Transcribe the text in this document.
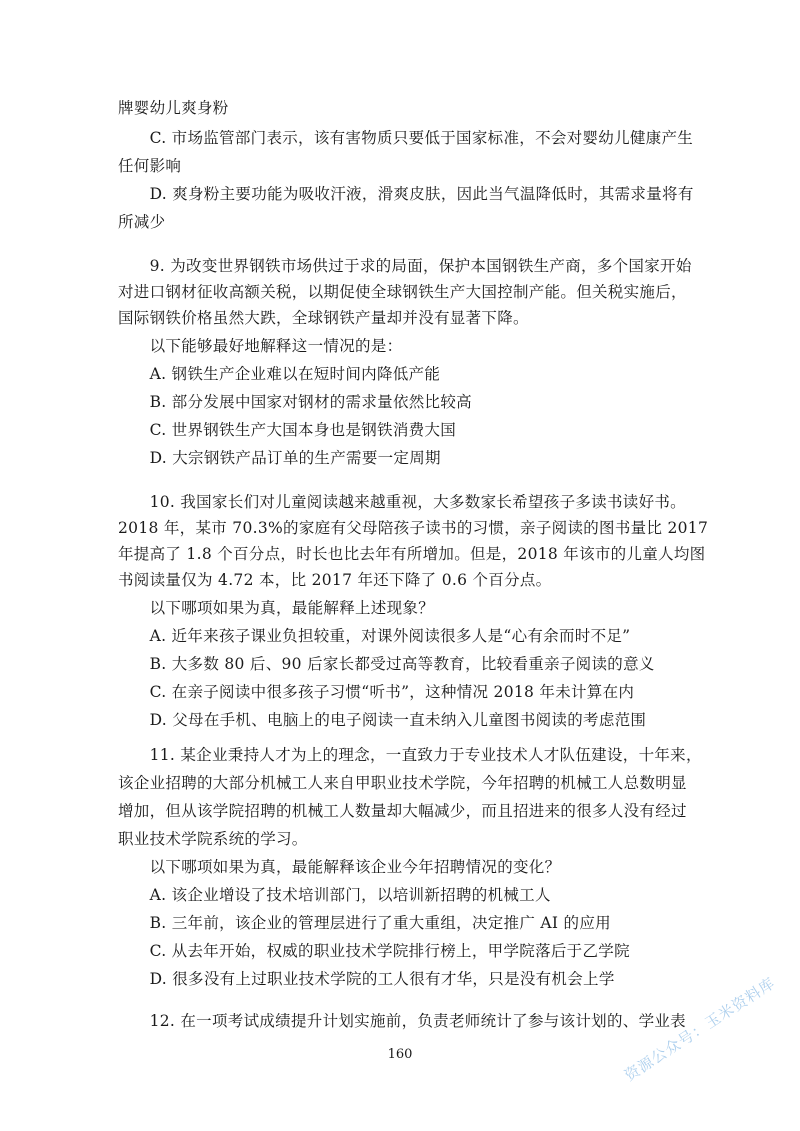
牌婴幼儿爽身粉
　　C. 市场监管部门表示，该有害物质只要低于国家标准，不会对婴幼儿健康产生
任何影响
　　D. 爽身粉主要功能为吸收汗液，滑爽皮肤，因此当气温降低时，其需求量将有
所减少
　　9. 为改变世界钢铁市场供过于求的局面，保护本国钢铁生产商，多个国家开始
对进口钢材征收高额关税，以期促使全球钢铁生产大国控制产能。但关税实施后，
国际钢铁价格虽然大跌，全球钢铁产量却并没有显著下降。
　　以下能够最好地解释这一情况的是：
　　A. 钢铁生产企业难以在短时间内降低产能
　　B. 部分发展中国家对钢材的需求量依然比较高
　　C. 世界钢铁生产大国本身也是钢铁消费大国
　　D. 大宗钢铁产品订单的生产需要一定周期
　　10. 我国家长们对儿童阅读越来越重视，大多数家长希望孩子多读书读好书。
2018 年，某市 70.3%的家庭有父母陪孩子读书的习惯，亲子阅读的图书量比 2017
年提高了 1.8 个百分点，时长也比去年有所增加。但是，2018 年该市的儿童人均图
书阅读量仅为 4.72 本，比 2017 年还下降了 0.6 个百分点。
　　以下哪项如果为真，最能解释上述现象？
　　A. 近年来孩子课业负担较重，对课外阅读很多人是“心有余而时不足”
　　B. 大多数 80 后、90 后家长都受过高等教育，比较看重亲子阅读的意义
　　C. 在亲子阅读中很多孩子习惯“听书”，这种情况 2018 年未计算在内
　　D. 父母在手机、电脑上的电子阅读一直未纳入儿童图书阅读的考虑范围
　　11. 某企业秉持人才为上的理念，一直致力于专业技术人才队伍建设，十年来，
该企业招聘的大部分机械工人来自甲职业技术学院，今年招聘的机械工人总数明显
增加，但从该学院招聘的机械工人数量却大幅减少，而且招进来的很多人没有经过
职业技术学院系统的学习。
　　以下哪项如果为真，最能解释该企业今年招聘情况的变化？
　　A. 该企业增设了技术培训部门，以培训新招聘的机械工人
　　B. 三年前，该企业的管理层进行了重大重组，决定推广 AI 的应用
　　C. 从去年开始，权威的职业技术学院排行榜上，甲学院落后于乙学院
　　D. 很多没有上过职业技术学院的工人很有才华，只是没有机会上学
　　12. 在一项考试成绩提升计划实施前，负责老师统计了参与该计划的、学业表
160	资源公众号：玉米资料库
